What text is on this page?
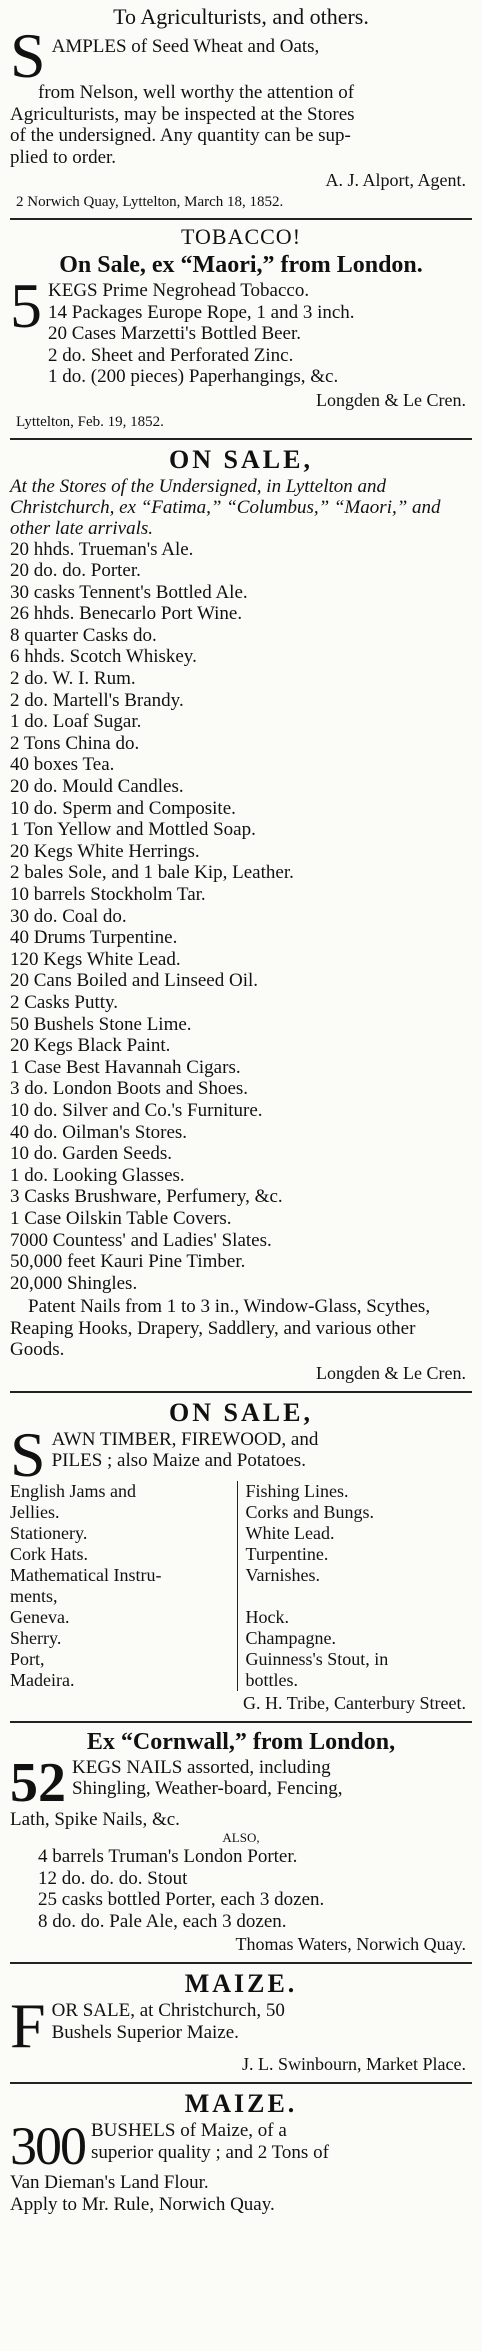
To Agriculturists, and others.
S AMPLES of Seed Wheat and Oats,
from Nelson, well worthy the attention of
Agriculturists, may be inspected at the Stores
of the undersigned. Any quantity can be sup-
plied to order.
A. J. Alport, Agent.
2 Norwich Quay, Lyttelton, March 18, 1852.
TOBACCO!
On Sale, ex “Maori,” from London.
5 KEGS Prime Negrohead Tobacco.
14 Packages Europe Rope, 1 and 3 inch.
20 Cases Marzetti's Bottled Beer.
2 do. Sheet and Perforated Zinc.
1 do. (200 pieces) Paperhangings, &c.
Longden & Le Cren.
Lyttelton, Feb. 19, 1852.
ON SALE,
At the Stores of the Undersigned, in Lyttelton and Christchurch, ex “Fatima,” “Columbus,” “Maori,” and other late arrivals.
20 hhds. Trueman's Ale.
20 do. do. Porter.
30 casks Tennent's Bottled Ale.
26 hhds. Benecarlo Port Wine.
8 quarter Casks do.
6 hhds. Scotch Whiskey.
2 do. W. I. Rum.
2 do. Martell's Brandy.
1 do. Loaf Sugar.
2 Tons China do.
40 boxes Tea.
20 do. Mould Candles.
10 do. Sperm and Composite.
1 Ton Yellow and Mottled Soap.
20 Kegs White Herrings.
2 bales Sole, and 1 bale Kip, Leather.
10 barrels Stockholm Tar.
30 do. Coal do.
40 Drums Turpentine.
120 Kegs White Lead.
20 Cans Boiled and Linseed Oil.
2 Casks Putty.
50 Bushels Stone Lime.
20 Kegs Black Paint.
1 Case Best Havannah Cigars.
3 do. London Boots and Shoes.
10 do. Silver and Co.'s Furniture.
40 do. Oilman's Stores.
10 do. Garden Seeds.
1 do. Looking Glasses.
3 Casks Brushware, Perfumery, &c.
1 Case Oilskin Table Covers.
7000 Countess' and Ladies' Slates.
50,000 feet Kauri Pine Timber.
20,000 Shingles.
Patent Nails from 1 to 3 in., Window-Glass, Scythes, Reaping Hooks, Drapery, Saddlery, and various other Goods.
Longden & Le Cren.
ON SALE,
S AWN TIMBER, FIREWOOD, and
PILES ; also Maize and Potatoes.
English Jams and
Jellies.
Stationery.
Cork Hats.
Mathematical Instru-
ments,
Geneva.
Sherry.
Port,
Madeira.
Fishing Lines.
Corks and Bungs.
White Lead.
Turpentine.
Varnishes.

Hock.
Champagne.
Guinness's Stout, in
bottles.
G. H. Tribe, Canterbury Street.
Ex “Cornwall,” from London,
52 KEGS NAILS assorted, including
Shingling, Weather-board, Fencing,
Lath, Spike Nails, &c.
ALSO,
4 barrels Truman's London Porter.
12 do. do. do. Stout
25 casks bottled Porter, each 3 dozen.
8 do. do. Pale Ale, each 3 dozen.
Thomas Waters, Norwich Quay.
MAIZE.
F OR SALE, at Christchurch, 50
Bushels Superior Maize.
J. L. Swinbourn, Market Place.
MAIZE.
300 BUSHELS of Maize, of a
superior quality ; and 2 Tons of
Van Dieman's Land Flour.
Apply to Mr. Rule, Norwich Quay.
